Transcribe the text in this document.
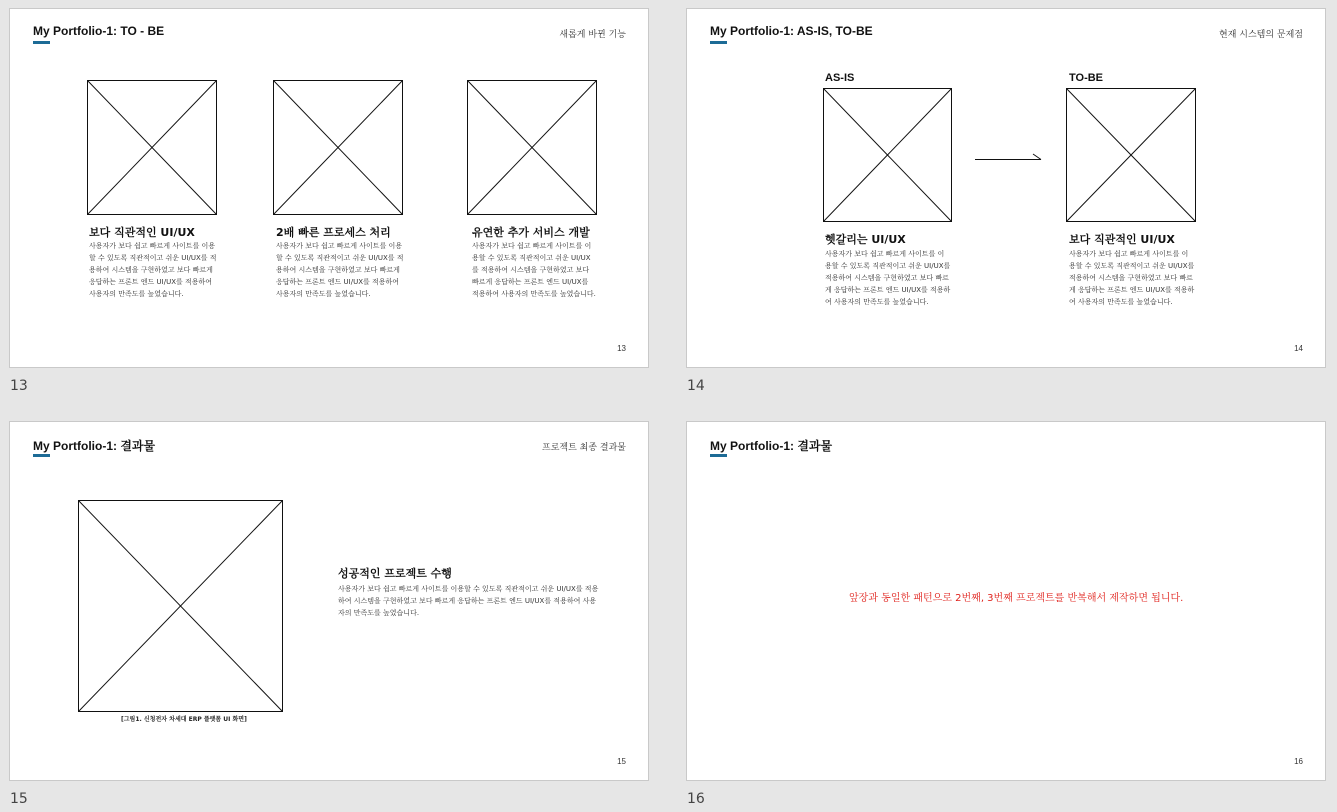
My Portfolio-1: TO - BE	새롭게 바뀐 기능
보다 직관적인 UI/UX
사용자가 보다 쉽고 빠르게 사이트를 이용할 수 있도록 직관적이고 쉬운 UI/UX를 적용하여 시스템을 구현하였고 보다 빠르게 응답하는 프론트 엔드 UI/UX를 적용하여 사용자의 만족도를 높였습니다.
2배 빠른 프로세스 처리
사용자가 보다 쉽고 빠르게 사이트를 이용할 수 있도록 직관적이고 쉬운 UI/UX를 적용하여 시스템을 구현하였고 보다 빠르게 응답하는 프론트 엔드 UI/UX를 적용하여 사용자의 만족도를 높였습니다.
유연한 추가 서비스 개발
사용자가 보다 쉽고 빠르게 사이트를 이용할 수 있도록 직관적이고 쉬운 UI/UX를 적용하여 시스템을 구현하였고 보다 빠르게 응답하는 프론트 엔드 UI/UX를 적용하여 사용자의 만족도를 높였습니다.
13
13
My Portfolio-1: AS-IS, TO-BE	현재 시스템의 문제점
AS-IS	TO-BE
헷갈리는 UI/UX
사용자가 보다 쉽고 빠르게 사이트를 이용할 수 있도록 직관적이고 쉬운 UI/UX를 적용하여 시스템을 구현하였고 보다 빠르게 응답하는 프론트 엔드 UI/UX를 적용하여 사용자의 만족도를 높였습니다.
보다 직관적인 UI/UX
사용자가 보다 쉽고 빠르게 사이트를 이용할 수 있도록 직관적이고 쉬운 UI/UX를 적용하여 시스템을 구현하였고 보다 빠르게 응답하는 프론트 엔드 UI/UX를 적용하여 사용자의 만족도를 높였습니다.
14
14
My Portfolio-1: 결과물	프로젝트 최종 결과물
[그림1. 신청전자 차세대 ERP 플랫폼 UI 화면]
성공적인 프로젝트 수행
사용자가 보다 쉽고 빠르게 사이트를 이용할 수 있도록 직관적이고 쉬운 UI/UX를 적용하여 시스템을 구현하였고 보다 빠르게 응답하는 프론트 엔드 UI/UX를 적용하여 사용자의 만족도를 높였습니다.
15
15
My Portfolio-1: 결과물
앞장과 동일한 패턴으로 2번째, 3번째 프로젝트를 반복해서 제작하면 됩니다.
16
16
